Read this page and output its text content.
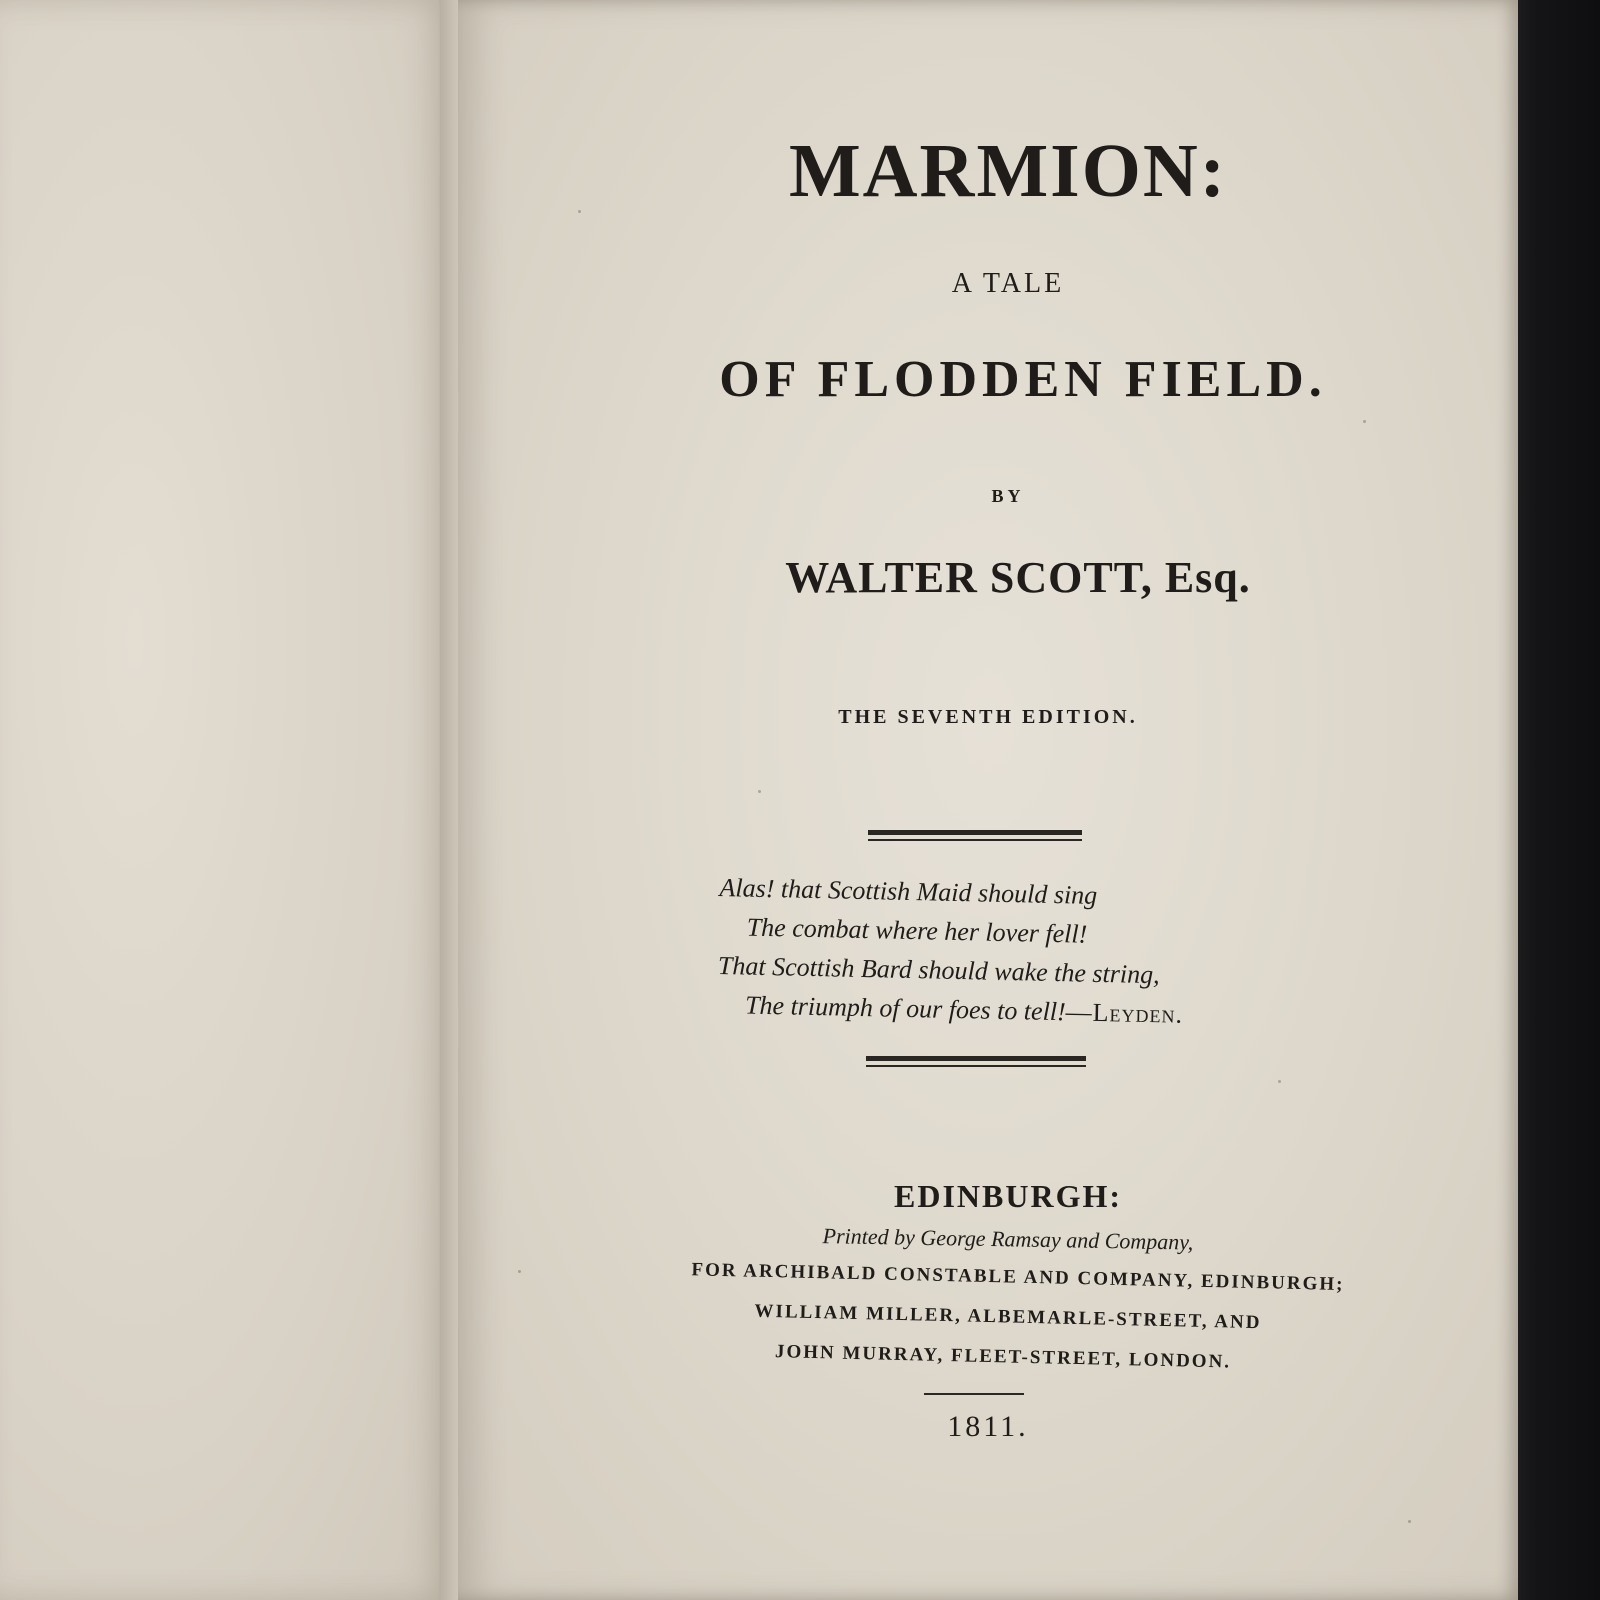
MARMION:

A TALE

OF FLODDEN FIELD.

BY

WALTER SCOTT, Esq.

THE SEVENTH EDITION.

Alas! that Scottish Maid should sing
The combat where her lover fell!
That Scottish Bard should wake the string,
The triumph of our foes to tell!—Leyden.

EDINBURGH:

Printed by George Ramsay and Company,

FOR ARCHIBALD CONSTABLE AND COMPANY, EDINBURGH;

WILLIAM MILLER, ALBEMARLE-STREET, AND

JOHN MURRAY, FLEET-STREET, LONDON.

1811.
